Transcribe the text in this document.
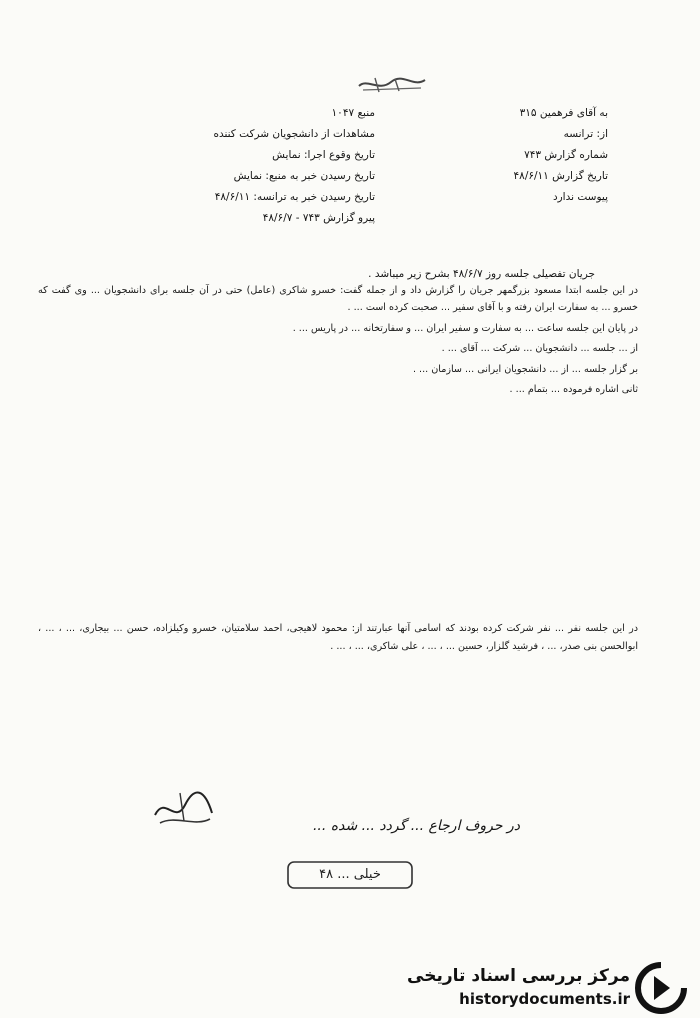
به آقای فرهمین ۳۱۵
از: ترانسه
شماره گزارش ۷۴۳
تاریخ گزارش ۴۸/۶/۱۱
پیوست ندارد
منبع ۱۰۴۷
مشاهدات از دانشجویان شرکت کننده
تاریخ وقوع اجرا: نمایش
تاریخ رسیدن خبر به منبع: نمایش
تاریخ رسیدن خبر به ترانسه: ۴۸/۶/۱۱
پیرو گزارش ۷۴۳ - ۴۸/۶/۷
جریان تفصیلی جلسه روز ۴۸/۶/۷ بشرح زیر میباشد .

در این جلسه ابتدا مسعود بزرگمهر جریان را گزارش داد و از جمله گفت: خسرو شاکری (عامل) حتی در آن جلسه برای دانشجویان ... وی گفت که خسرو ... به سفارت ایران رفته و با آقای سفیر ... صحبت کرده است ... .

در پایان این جلسه ساعت ... به سفارت و سفیر ایران ... و سفارتخانه ... در پاریس ... .

از ... جلسه ... دانشجویان ... شرکت ... آقای ... .

بر گزار جلسه ... از ... دانشجویان ایرانی ... سازمان ... .

ثانی اشاره فرموده ... بتمام ... .

در این جلسه نفر ... نفر شرکت کرده بودند که اسامی آنها عبارتند از: محمود لاهیجی، احمد سلامتیان، خسرو وکیلزاده، حسن ... بیجاری، ... ، ... ، ابوالحسن بنی صدر، ... ، فرشید گلزار، حسین ... ، ... ، علی شاکری، ... ، ... .
در حروف ارجاع ... گردد ... شده ...
خیلی ... ۴۸
مرکز بررسی اسناد تاریخی
historydocuments.ir
